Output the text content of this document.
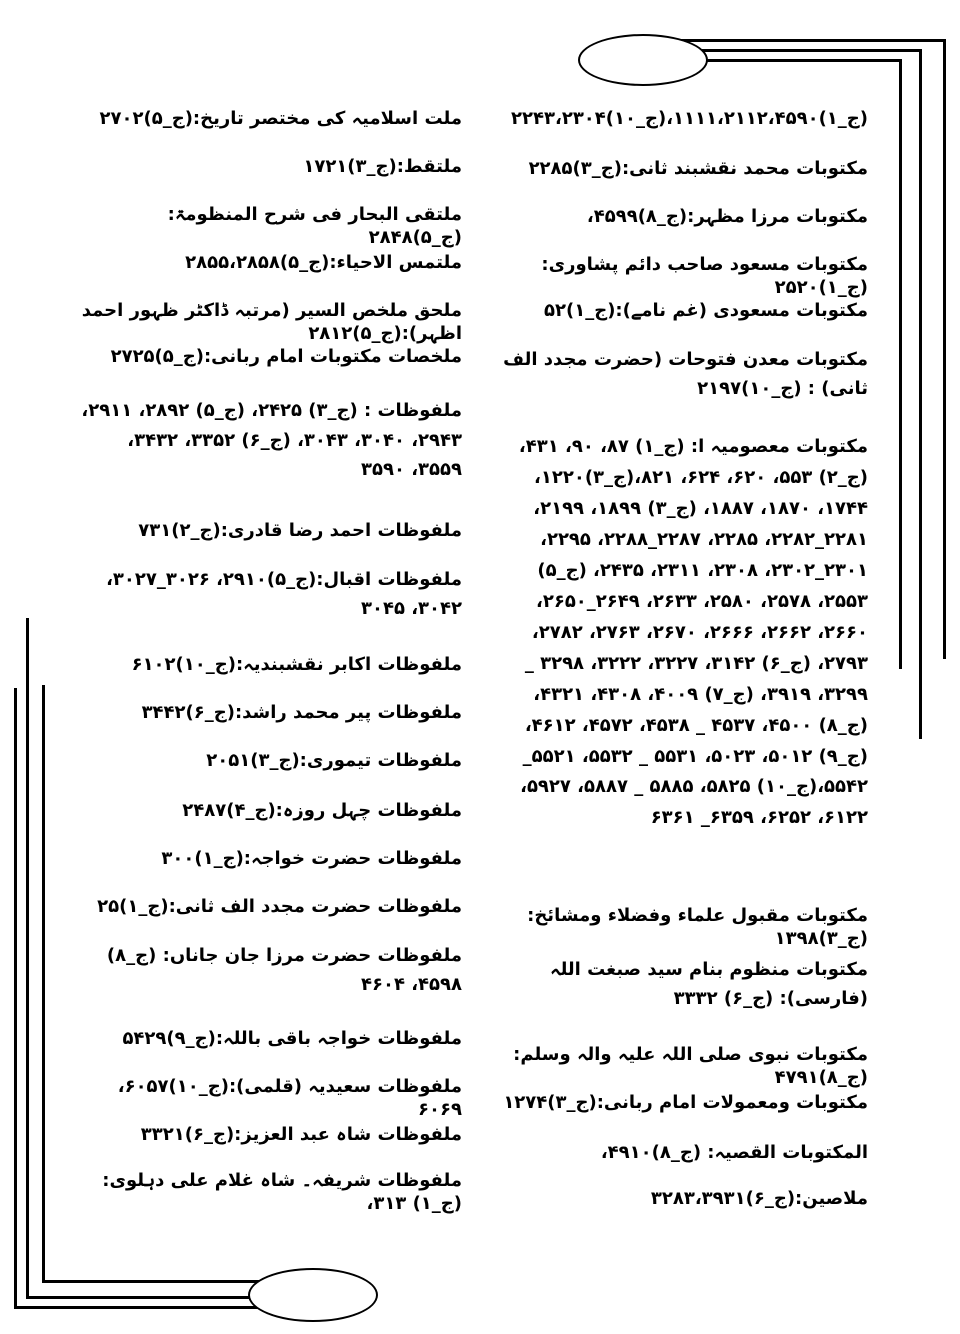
(ج_۱)۱۱۱۱،۲۱۱۲،۴۵۹۰،(ج_۱۰)۲۲۴۳،۲۳۰۴
مکتوبات محمد نقشبند ثانی:(ج_۳)۲۲۸۵
مکتوبات مرزا مظہر:(ج_۸)۴۵۹۹،
مکتوبات مسعود صاحب دائم پشاوری:(ج_۱)۲۵۲۰
مکتوبات مسعودی (غم نامے):(ج_۱)۵۲
مکتوبات معدن فتوحات (حضرت مجدد الف ثانی) : (ج_۱۰)۲۱۹۷
مکتوبات معصومیہ ا: (ج_۱) ۸۷، ۹۰، ۴۳۱، (ج_۲) ۵۵۳، ۶۲۰، ۶۲۴، ۸۲۱،(ج_۳)۱۲۲۰، ۱۷۴۴، ۱۸۷۰، ۱۸۸۷، (ج_۳) ۱۸۹۹، ۲۱۹۹، ۲۲۸۱_۲۲۸۲، ۲۲۸۵، ۲۲۸۷_۲۲۸۸، ۲۲۹۵، ۲۳۰۱_۲۳۰۲، ۲۳۰۸، ۲۳۱۱، ۲۴۳۵، (ج_۵) ۲۵۵۳، ۲۵۷۸، ۲۵۸۰، ۲۶۳۳، ۲۶۴۹_۲۶۵۰، ۲۶۶۰، ۲۶۶۲، ۲۶۶۶، ۲۶۷۰، ۲۷۶۳، ۲۷۸۲، ۲۷۹۳، (ج_۶) ۳۱۴۲، ۳۲۲۷، ۳۲۲۲، ۳۲۹۸ _ ۳۲۹۹، ۳۹۱۹، (ج_۷) ۴۰۰۹، ۴۳۰۸، ۴۳۲۱، (ج_۸) ۴۵۰۰، ۴۵۳۷ _ ۴۵۳۸، ۴۵۷۲، ۴۶۱۲، (ج_۹) ۵۰۱۲، ۵۰۲۳، ۵۵۳۱ _ ۵۵۳۲، ۵۵۲۱_ ۵۵۴۲،(ج_۱۰) ۵۸۲۵، ۵۸۸۵ _ ۵۸۸۷، ۵۹۲۷، ۶۱۲۲، ۶۲۵۲، ۶۳۵۹_ ۶۳۶۱
مکتوبات مقبول علماء وفضلاء ومشائخ:(ج_۳)۱۳۹۸
مکتوبات منظوم بنام سید صبغت اللہ (فارسی): (ج_۶) ۳۳۳۲
مکتوبات نبوی صلی اللہ علیہ والہ وسلم: (ج_۸)۴۷۹۱
مکتوبات ومعمولات امام ربانی:(ج_۳)۱۲۷۴
المکتوبات القصیہ: (ج_۸)۴۹۱۰،
ملاصین:(ج_۶)۳۲۸۳،۳۹۳۱
ملت اسلامیہ کی مختصر تاریخ:(ج_۵)۲۷۰۲
ملتقط:(ج_۳)۱۷۲۱
ملتقی البحار فی شرح المنظومۃ:(ج_۵)۲۸۴۸
ملتمس الاحیاء:(ج_۵)۲۸۵۵،۲۸۵۸
ملحق ملخص السیر (مرتبہ ڈاکٹر ظہور احمد اظہر):(ج_۵)۲۸۱۲
ملخصات مکتوبات امام ربانی:(ج_۵)۲۷۲۵
ملفوظات : (ج_۳) ۲۴۲۵، (ج_۵) ۲۸۹۲، ۲۹۱۱، ۲۹۴۳، ۳۰۴۰، ۳۰۴۳، (ج_۶) ۳۳۵۲، ۳۴۳۲، ۳۵۵۹، ۳۵۹۰
ملفوظات احمد رضا قادری:(ج_۲)۷۳۱
ملفوظات اقبال:(ج_۵)۲۹۱۰، ۳۰۲۶_۳۰۲۷، ۳۰۴۲، ۳۰۴۵
ملفوظات اکابر نقشبندیہ:(ج_۱۰)۶۱۰۲
ملفوظات پیر محمد راشد:(ج_۶)۳۴۴۲
ملفوظات تیموری:(ج_۳)۲۰۵۱
ملفوظات چہل روزہ:(ج_۴)۲۴۸۷
ملفوظات حضرت خواجہ:(ج_۱)۳۰۰
ملفوظات حضرت مجدد الف ثانی:(ج_۱)۲۵
ملفوظات حضرت مرزا جان جاناں: (ج_۸) ۴۵۹۸، ۴۶۰۴
ملفوظات خواجہ باقی باللہ:(ج_۹)۵۴۲۹
ملفوظات سعیدیہ (قلمی):(ج_۱۰)۶۰۵۷، ۶۰۶۹
ملفوظات شاہ عبد العزیز:(ج_۶)۳۳۲۱
ملفوظات شریفہ۔ شاہ غلام علی دہلوی: (ج_۱) ۳۱۳،
